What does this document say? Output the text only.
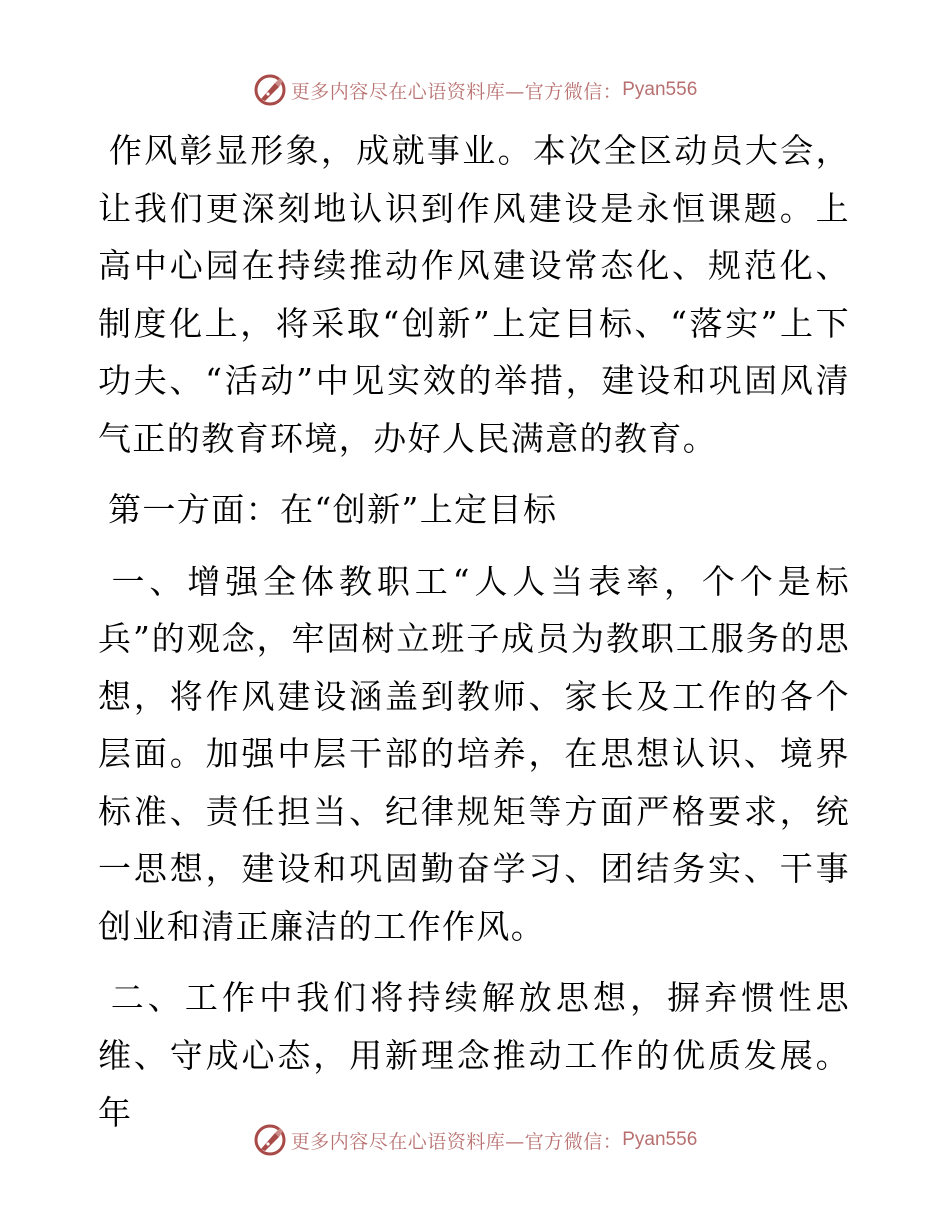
更多内容尽在心语资料库—官方微信： Pyan556

作风彰显形象，成就事业。本次全区动员大会，让我们更深刻地认识到作风建设是永恒课题。上高中心园在持续推动作风建设常态化、规范化、制度化上，将采取“创新”上定目标、“落实”上下功夫、“活动”中见实效的举措，建设和巩固风清气正的教育环境，办好人民满意的教育。

第一方面：在“创新”上定目标

一、增强全体教职工“人人当表率，个个是标兵”的观念，牢固树立班子成员为教职工服务的思想，将作风建设涵盖到教师、家长及工作的各个层面。加强中层干部的培养，在思想认识、境界标准、责任担当、纪律规矩等方面严格要求，统一思想，建设和巩固勤奋学习、团结务实、干事创业和清正廉洁的工作作风。

二、工作中我们将持续解放思想，摒弃惯性思维、守成心态，用新理念推动工作的优质发展。年

更多内容尽在心语资料库—官方微信： Pyan556
